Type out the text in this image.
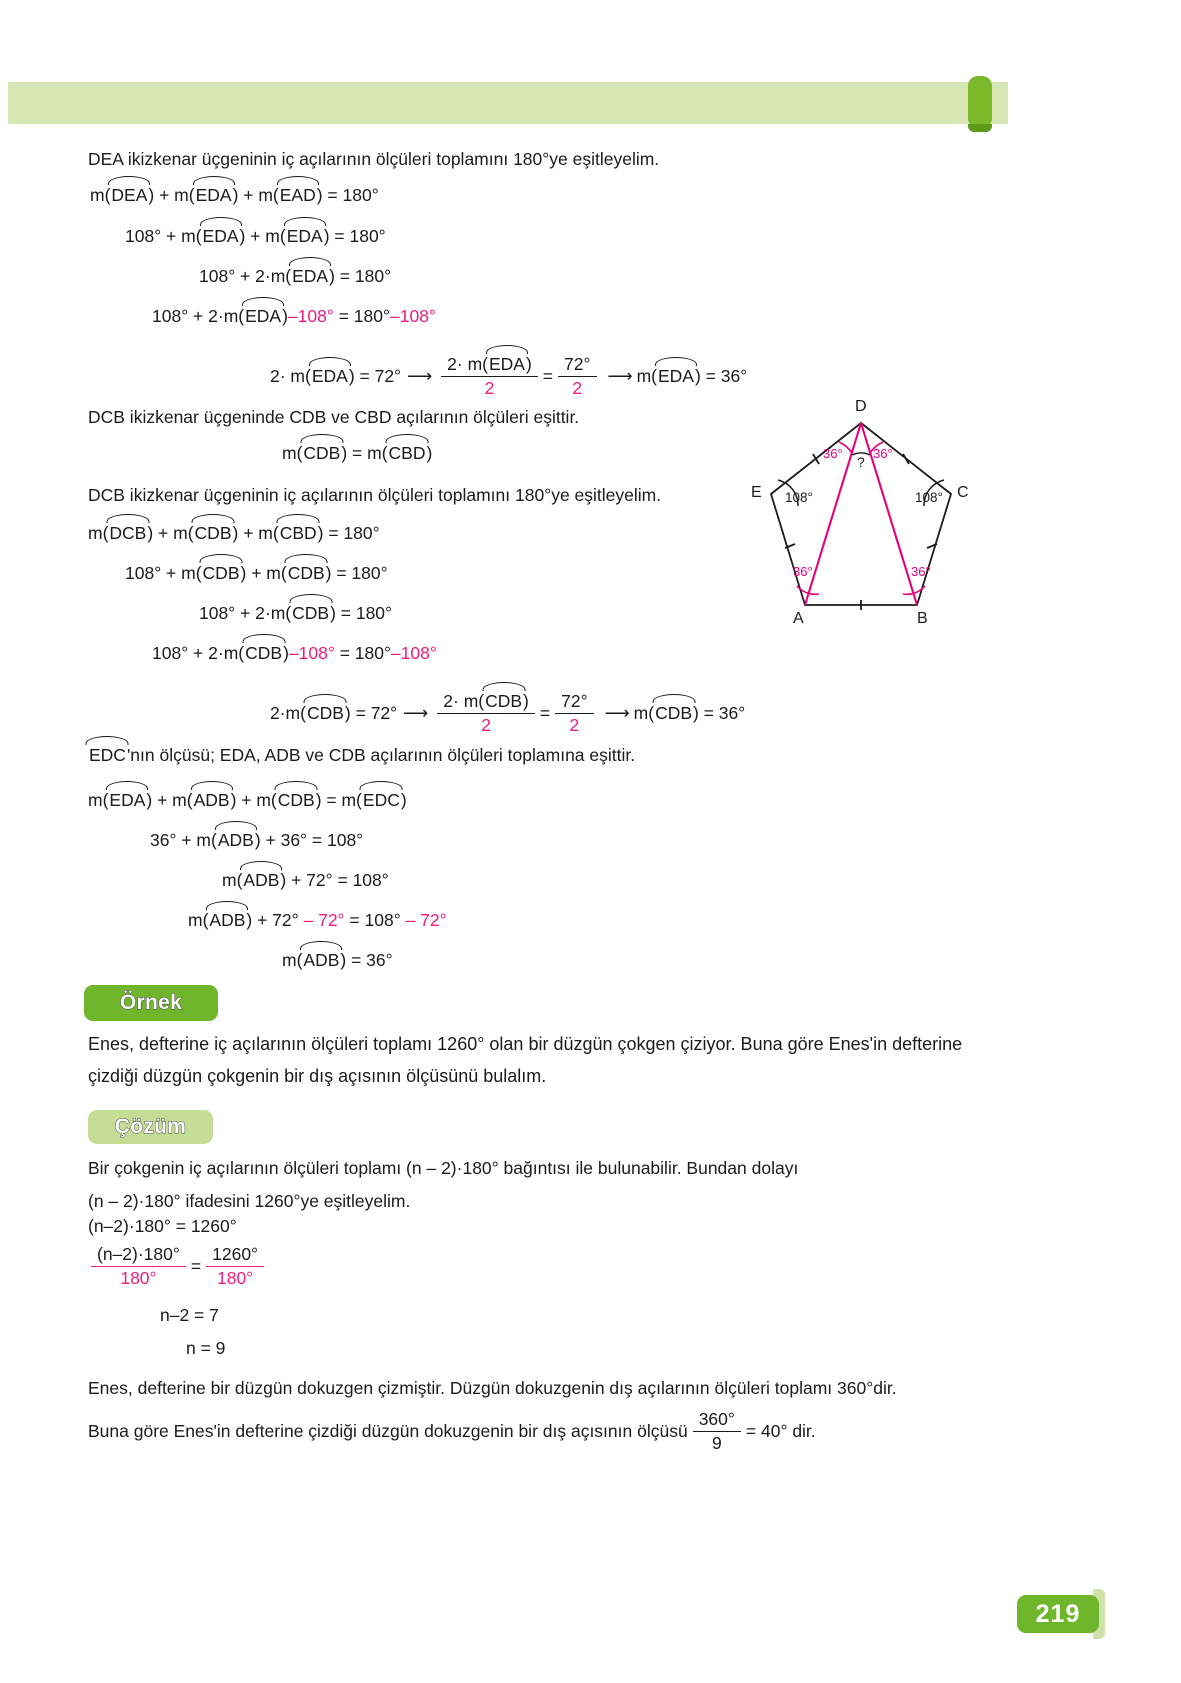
DEA ikizkenar üçgeninin iç açılarının ölçüleri toplamını 180°ye eşitleyelim.
m(
DEA) + m(
EDA) + m(
EAD) = 180°
108° + m(
EDA) + m(
EDA) = 180°
108° + 2·m(
EDA) = 180°
108° + 2·m(
EDA)–108° = 180°–108°
2· m(
EDA) = 72° ⟶ 2· m(
EDA)
$2 = \frac{72^\circ}{2}$ ⟶ m(
EDA) = 36°
DCB ikizkenar üçgeninde CDB ve CBD açılarının ölçüleri eşittir.
m(
CDB) = m(
CBD)
DCB ikizkenar üçgeninin iç açılarının ölçüleri toplamını 180°ye eşitleyelim.
m(
DCB) + m(
CDB) + m(
CBD) = 180°
108° + m(
CDB) + m(
CDB) = 180°
108° + 2·m(
CDB) = 180°
108° + 2·m(
CDB)–108° = 180°–108°
2·m(
CDB) = 72° ⟶ 2· m(
CDB)
$2 = \frac{72^\circ}{2}$ ⟶ m(
CDB) = 36°
EDC'nın ölçüsü; EDA, ADB ve CDB açılarının ölçüleri toplamına eşittir.
m(
EDA) + m(
ADB) + m(
CDB) = m(
EDC)
36° + m(
ADB) + 36° = 108°
m(
ADB) + 72° = 108°
m(
ADB) + 72° – 72° = 108° – 72°
m(
ADB) = 36°
Örnek
Enes, defterine iç açılarının ölçüleri toplamı 1260° olan bir düzgün çokgen çiziyor. Buna göre Enes'in defterine çizdiği düzgün çokgenin bir dış açısının ölçüsünü bulalım.
Çözüm
Bir çokgenin iç açılarının ölçüleri toplamı (n – 2)·180° bağıntısı ile bulunabilir. Bundan dolayı
(n – 2)·180° ifadesini 1260°ye eşitleyelim.
(n–2)·180° = 1260°
$\frac{(n-2)\cdot 180^\circ}{180^\circ} = \frac{1260^\circ}{180^\circ}$
n–2 = 7
n = 9
Enes, defterine bir düzgün dokuzgen çizmiştir. Düzgün dokuzgenin dış açılarının ölçüleri toplamı 360°dir.
Buna göre Enes'in defterine çizdiği düzgün dokuzgenin bir dış açısının ölçüsü $\frac{360^\circ}{9} = 40^\circ$ dir.
D
C
E
A	B
108°	108°
36° 36°
?
36°	36°
219
